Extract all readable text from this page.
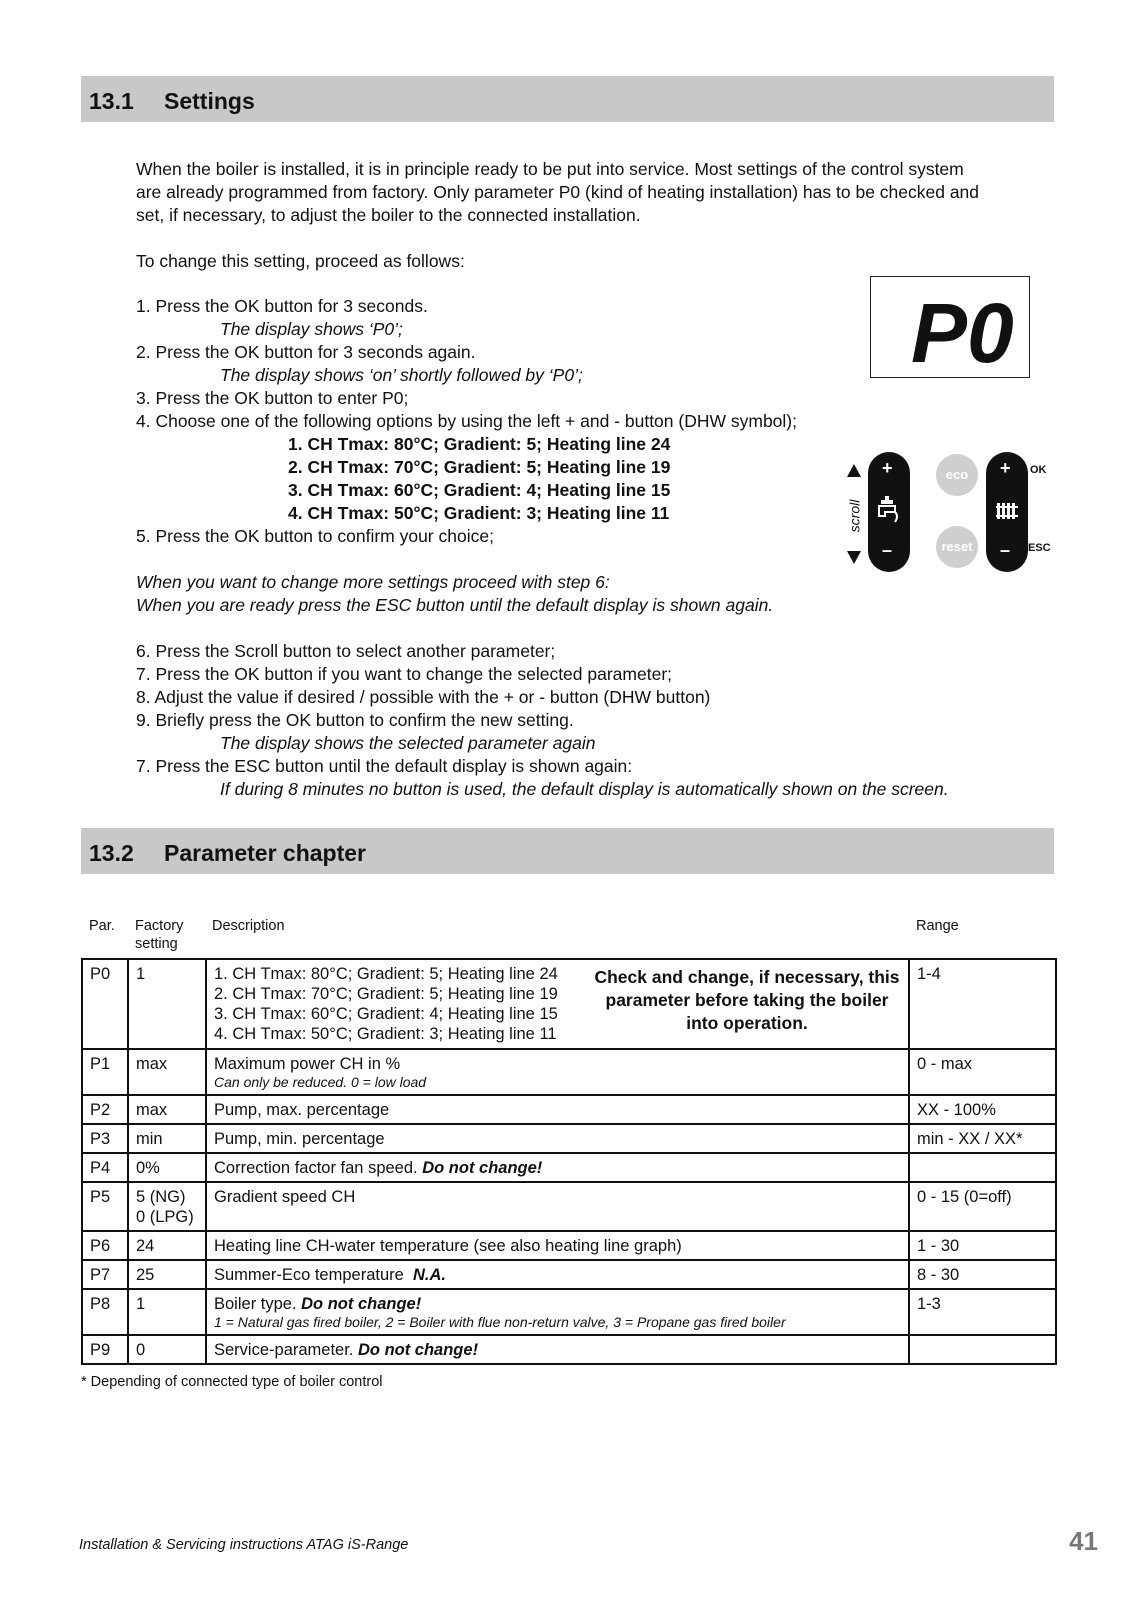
13.1 Settings
When the boiler is installed, it is in principle ready to be put into service. Most settings of the control system
are already programmed from factory. Only parameter P0 (kind of heating installation) has to be checked and
set, if necessary, to adjust the boiler to the connected installation.
To change this setting, proceed as follows:
1. Press the OK button for 3 seconds.
The display shows ‘P0’;
2. Press the OK button for 3 seconds again.
The display shows ‘on’ shortly followed by ‘P0’;
3. Press the OK button to enter P0;
4. Choose one of the following options by using the left + and - button (DHW symbol);
1. CH Tmax: 80°C; Gradient: 5; Heating line 24
2. CH Tmax: 70°C; Gradient: 5; Heating line 19
3. CH Tmax: 60°C; Gradient: 4; Heating line 15
4. CH Tmax: 50°C; Gradient: 3; Heating line 11
5. Press the OK button to confirm your choice;
When you want to change more settings proceed with step 6:
When you are ready press the ESC button until the default display is shown again.
6. Press the Scroll button to select another parameter;
7. Press the OK button if you want to change the selected parameter;
8. Adjust the value if desired / possible with the + or - button (DHW button)
9. Briefly press the OK button to confirm the new setting.
The display shows the selected parameter again
7. Press the ESC button until the default display is shown again:
If during 8 minutes no button is used, the default display is automatically shown on the screen.
P0
scroll
+
–
eco
reset
+
–
OK
ESC
13.2 Parameter chapter
Par. Factory setting
Description	Range
P0	1	1. CH Tmax: 80°C; Gradient: 5; Heating line 24
2. CH Tmax: 70°C; Gradient: 5; Heating line 19
3. CH Tmax: 60°C; Gradient: 4; Heating line 15
4. CH Tmax: 50°C; Gradient: 3; Heating line 11
Check and change, if necessary, this parameter before taking the boiler into operation.	1-4
P1	max	Maximum power CH in %
Can only be reduced. 0 = low load	0 - max
P2	max	Pump, max. percentage	XX - 100%
P3	min	Pump, min. percentage	min - XX / XX*
P4	0%	Correction factor fan speed. Do not change!	
P5	5 (NG)
0 (LPG)	Gradient speed CH	0 - 15 (0=off)
P6	24	Heating line CH-water temperature (see also heating line graph)	1 - 30
P7	25	Summer-Eco temperature  N.A.	8 - 30
P8	1	Boiler type. Do not change!
1 = Natural gas fired boiler, 2 = Boiler with flue non-return valve, 3 = Propane gas fired boiler	1-3
P9	0	Service-parameter. Do not change!	
* Depending of connected type of boiler control
Installation & Servicing instructions ATAG iS-Range	41
